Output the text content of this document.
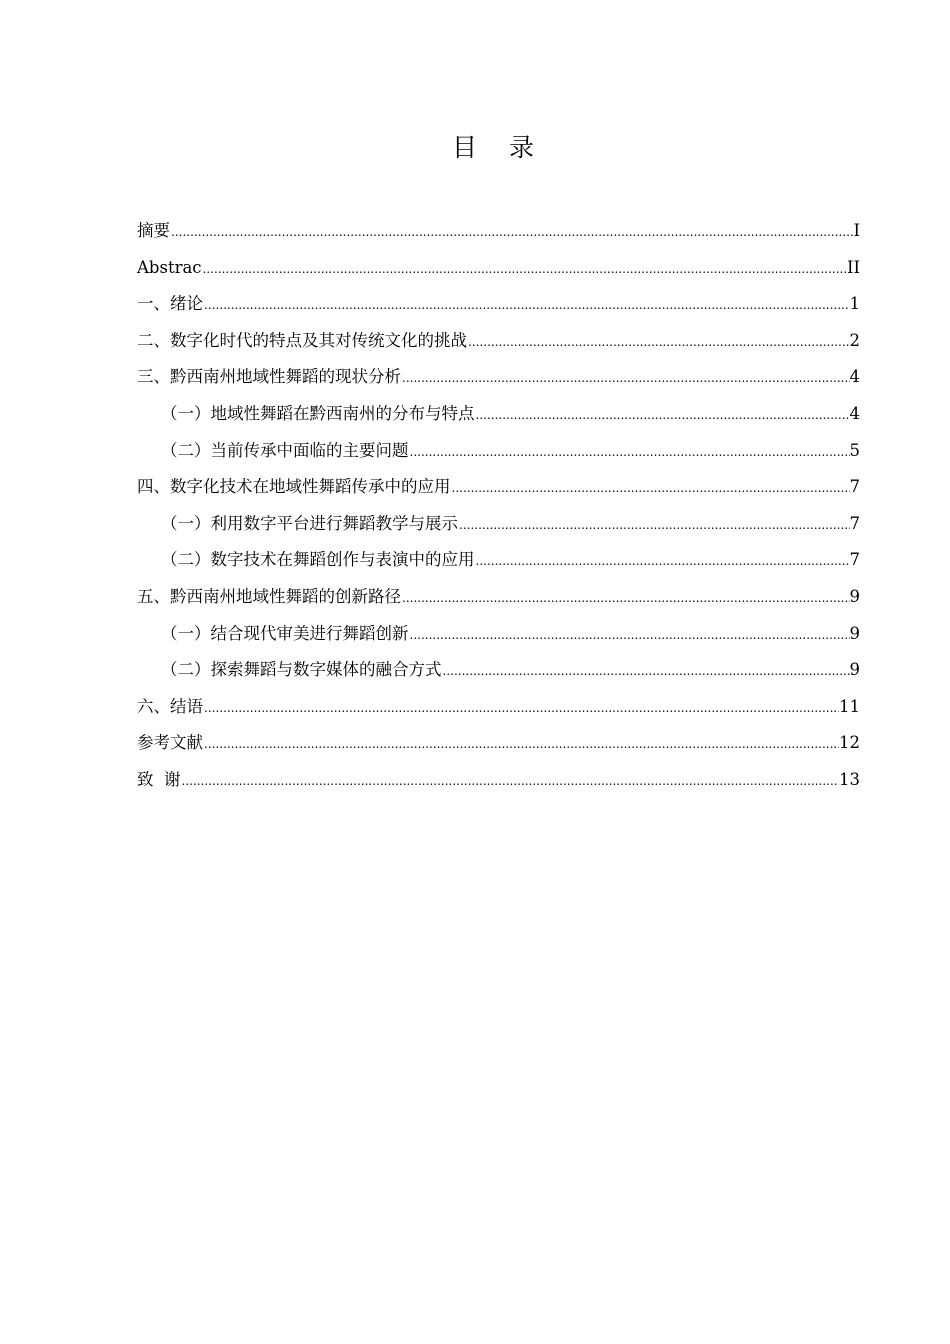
目 录
摘要 .....	I
Abstrac .....	II
一、绪论 .....	1
二、数字化时代的特点及其对传统文化的挑战 .....	2
三、黔西南州地域性舞蹈的现状分析 .....	4
（一）地域性舞蹈在黔西南州的分布与特点 .....	4
（二）当前传承中面临的主要问题 .....	5
四、数字化技术在地域性舞蹈传承中的应用 .....	7
（一）利用数字平台进行舞蹈教学与展示 .....	7
（二）数字技术在舞蹈创作与表演中的应用 .....	7
五、黔西南州地域性舞蹈的创新路径 .....	9
（一）结合现代审美进行舞蹈创新 .....	9
（二）探索舞蹈与数字媒体的融合方式 .....	9
六、结语 .....	11
参考文献 .....	12
致  谢 .....	13
